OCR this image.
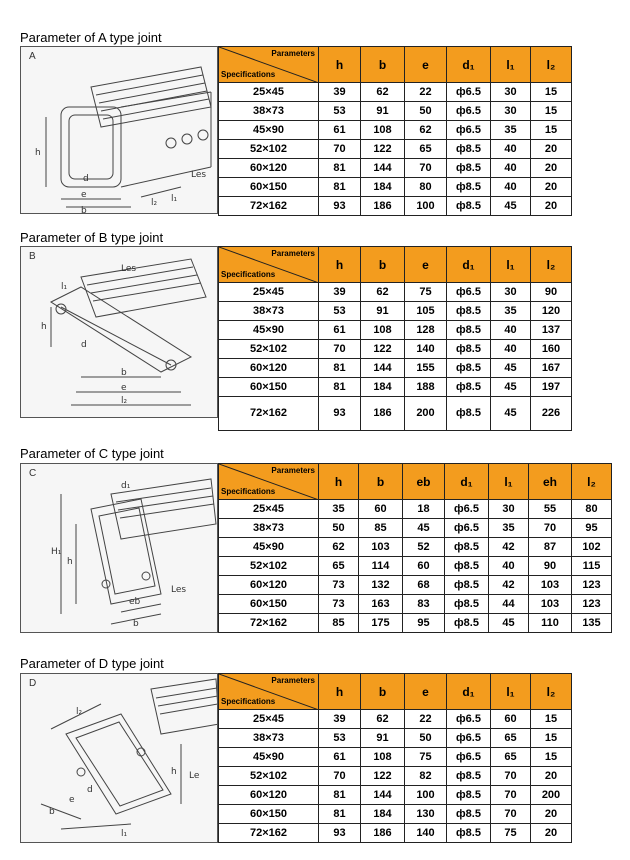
Parameter of A type joint
A
h
d
e
b
l₂ l₁
Les
Parameters
Specifications	h	b	e	d₁	l₁	l₂
25×45	39	62	22	ф6.5	30	15
38×73	53	91	50	ф6.5	30	15
45×90	61	108	62	ф6.5	35	15
52×102	70	122	65	ф8.5	40	20
60×120	81	144	70	ф8.5	40	20
60×150	81	184	80	ф8.5	40	20
72×162	93	186	100	ф8.5	45	20
Parameter of B type joint
B
Les
l₁
h
d
b
e
l₂
Parameters
Specifications	h	b	e	d₁	l₁	l₂
25×45	39	62	75	ф6.5	30	90
38×73	53	91	105	ф8.5	35	120
45×90	61	108	128	ф8.5	40	137
52×102	70	122	140	ф8.5	40	160
60×120	81	144	155	ф8.5	45	167
60×150	81	184	188	ф8.5	45	197
72×162	93	186	200	ф8.5	45	226
Parameter of C type joint
C
d₁
H₁
h
eb
b
Les
Parameters
Specifications	h	b	eb	d₁	l₁	eh	l₂
25×45	35	60	18	ф6.5	30	55	80
38×73	50	85	45	ф6.5	35	70	95
45×90	62	103	52	ф8.5	42	87	102
52×102	65	114	60	ф8.5	40	90	115
60×120	73	132	68	ф8.5	42	103	123
60×150	73	163	83	ф8.5	44	103	123
72×162	85	175	95	ф8.5	45	110	135
Parameter of D type joint
D
l₂
h Le
b
e
d
l₁
Parameters
Specifications	h	b	e	d₁	l₁	l₂
25×45	39	62	22	ф6.5	60	15
38×73	53	91	50	ф6.5	65	15
45×90	61	108	75	ф6.5	65	15
52×102	70	122	82	ф8.5	70	20
60×120	81	144	100	ф8.5	70	200
60×150	81	184	130	ф8.5	70	20
72×162	93	186	140	ф8.5	75	20
